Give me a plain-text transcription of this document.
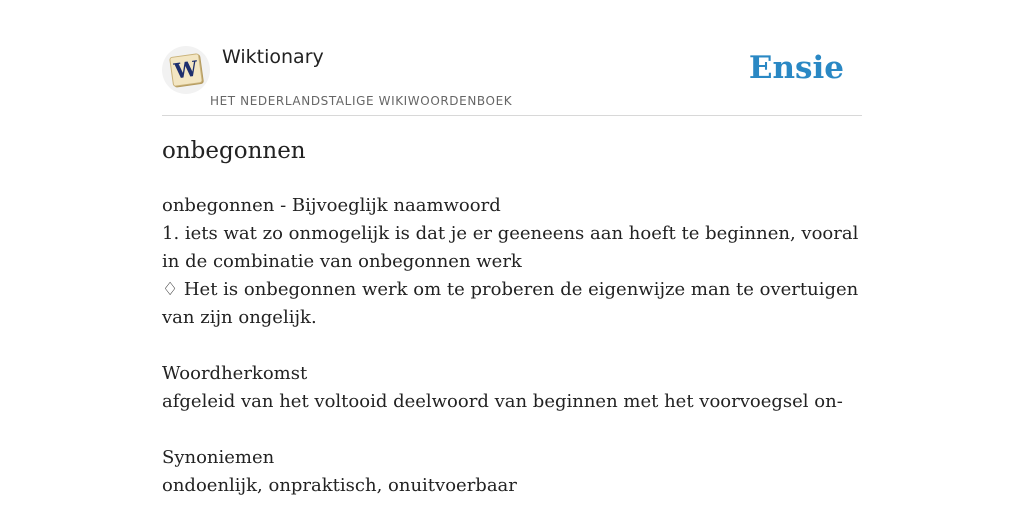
W Wiktionary
HET NEDERLANDSTALIGE WIKIWOORDENBOEK
Ensie
onbegonnen
onbegonnen - Bijvoeglijk naamwoord
1. iets wat zo onmogelijk is dat je er geeneens aan hoeft te beginnen, vooral in de combinatie van onbegonnen werk
♢ Het is onbegonnen werk om te proberen de eigenwijze man te overtuigen van zijn ongelijk.
Woordherkomst
afgeleid van het voltooid deelwoord van beginnen met het voorvoegsel on-
Synoniemen
ondoenlijk, onpraktisch, onuitvoerbaar
